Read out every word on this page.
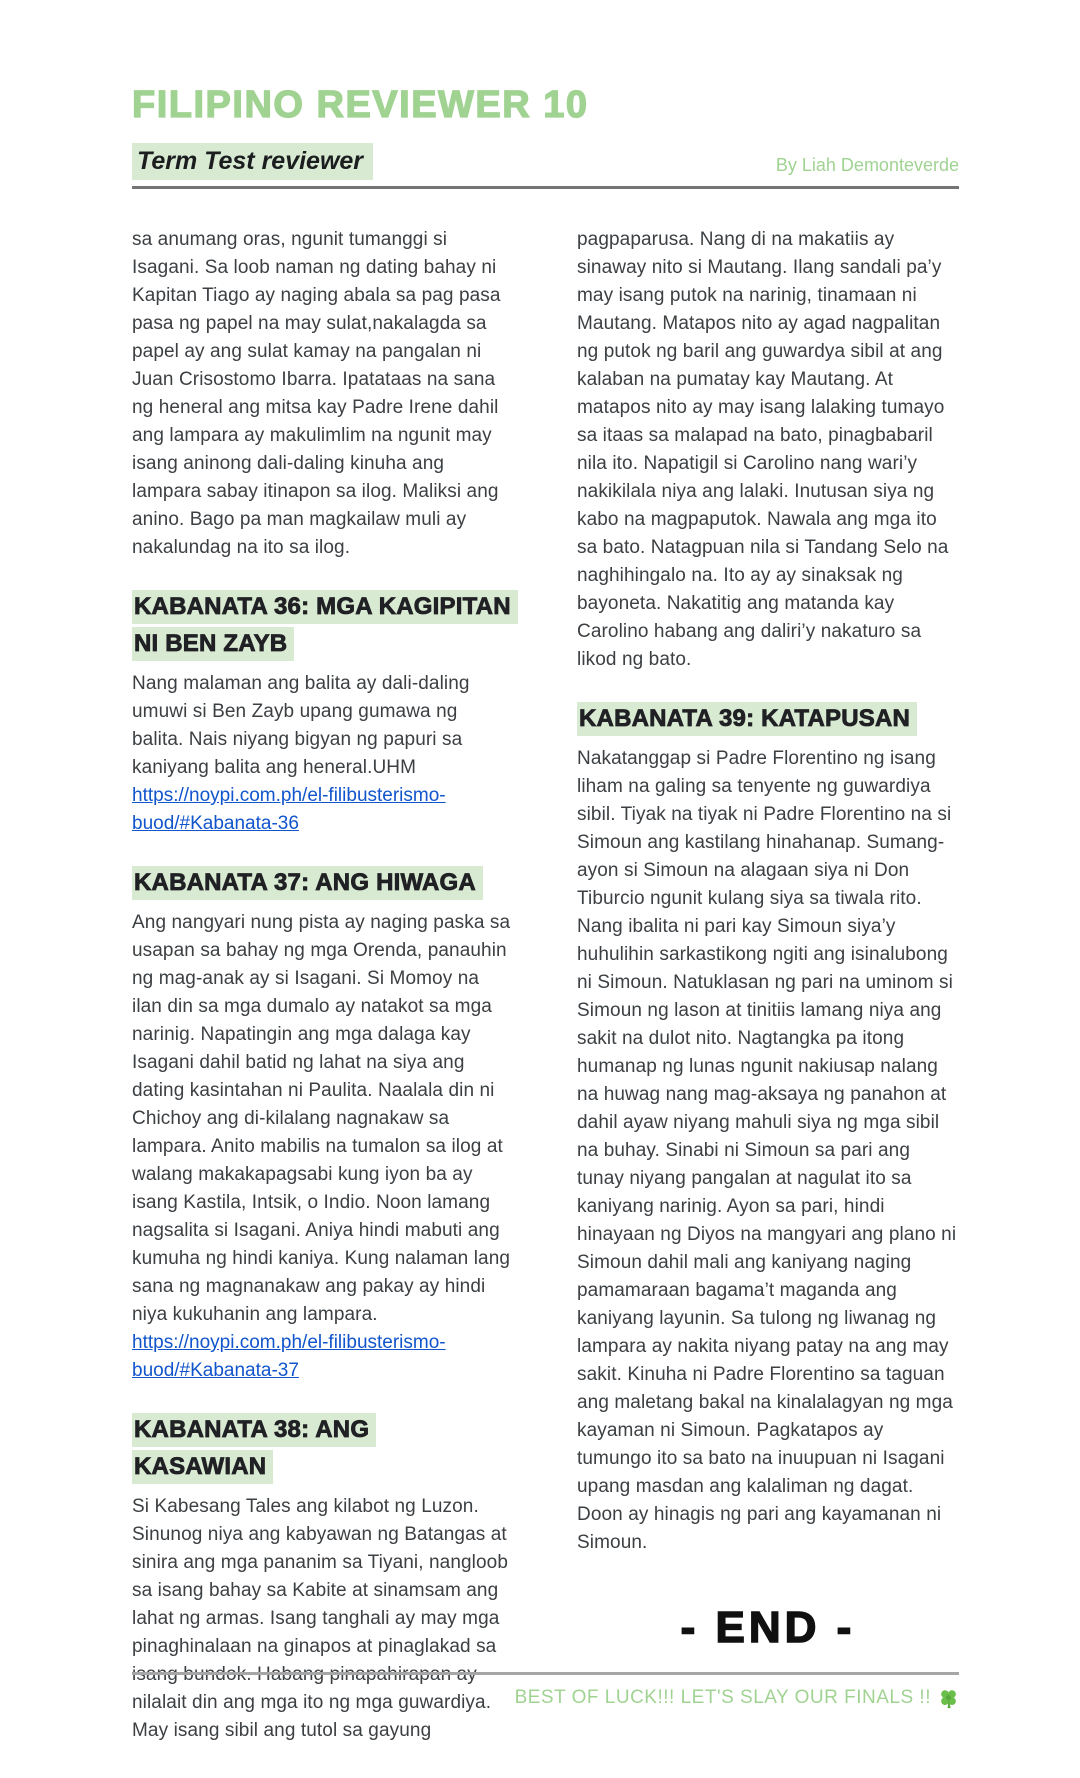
FILIPINO REVIEWER 10
Term Test reviewer	By Liah Demonteverde

sa anumang oras, ngunit tumanggi si Isagani. Sa loob naman ng dating bahay ni Kapitan Tiago ay naging abala sa pag pasa pasa ng papel na may sulat,nakalagda sa papel ay ang sulat kamay na pangalan ni Juan Crisostomo Ibarra. Ipatataas na sana ng heneral ang mitsa kay Padre Irene dahil ang lampara ay makulimlim na ngunit may isang aninong dali-daling kinuha ang lampara sabay itinapon sa ilog. Maliksi ang anino. Bago pa man magkailaw muli ay nakalundag na ito sa ilog.

KABANATA 36: MGA KAGIPITAN NI BEN ZAYB

Nang malaman ang balita ay dali-daling umuwi si Ben Zayb upang gumawa ng balita. Nais niyang bigyan ng papuri sa kaniyang balita ang heneral.UHM

https://noypi.com.ph/el-filibusterismo-buod/#Kabanata-36

KABANATA 37: ANG HIWAGA

Ang nangyari nung pista ay naging paska sa usapan sa bahay ng mga Orenda, panauhin ng mag-anak ay si Isagani. Si Momoy na ilan din sa mga dumalo ay natakot sa mga narinig. Napatingin ang mga dalaga kay Isagani dahil batid ng lahat na siya ang dating kasintahan ni Paulita. Naalala din ni Chichoy ang di-kilalang nagnakaw sa lampara. Anito mabilis na tumalon sa ilog at walang makakapagsabi kung iyon ba ay isang Kastila, Intsik, o Indio. Noon lamang nagsalita si Isagani. Aniya hindi mabuti ang kumuha ng hindi kaniya. Kung nalaman lang sana ng magnanakaw ang pakay ay hindi niya kukuhanin ang lampara.

https://noypi.com.ph/el-filibusterismo-buod/#Kabanata-37

KABANATA 38: ANG KASAWIAN

Si Kabesang Tales ang kilabot ng Luzon. Sinunog niya ang kabyawan ng Batangas at sinira ang mga pananim sa Tiyani, nangloob sa isang bahay sa Kabite at sinamsam ang lahat ng armas. Isang tanghali ay may mga pinaghinalaan na ginapos at pinaglakad sa isang bundok. Habang pinapahirapan ay nilalait din ang mga ito ng mga guwardiya. May isang sibil ang tutol sa gayung

pagpaparusa. Nang di na makatiis ay sinaway nito si Mautang. Ilang sandali pa’y may isang putok na narinig, tinamaan ni Mautang. Matapos nito ay agad nagpalitan ng putok ng baril ang guwardya sibil at ang kalaban na pumatay kay Mautang. At matapos nito ay may isang lalaking tumayo sa itaas sa malapad na bato, pinagbabaril nila ito. Napatigil si Carolino nang wari’y nakikilala niya ang lalaki. Inutusan siya ng kabo na magpaputok. Nawala ang mga ito sa bato. Natagpuan nila si Tandang Selo na naghihingalo na. Ito ay ay sinaksak ng bayoneta. Nakatitig ang matanda kay Carolino habang ang daliri’y nakaturo sa likod ng bato.

KABANATA 39: KATAPUSAN

Nakatanggap si Padre Florentino ng isang liham na galing sa tenyente ng guwardiya sibil. Tiyak na tiyak ni Padre Florentino na si Simoun ang kastilang hinahanap. Sumang-ayon si Simoun na alagaan siya ni Don Tiburcio ngunit kulang siya sa tiwala rito. Nang ibalita ni pari kay Simoun siya’y huhulihin sarkastikong ngiti ang isinalubong ni Simoun. Natuklasan ng pari na uminom si Simoun ng lason at tinitiis lamang niya ang sakit na dulot nito. Nagtangka pa itong humanap ng lunas ngunit nakiusap nalang na huwag nang mag-aksaya ng panahon at dahil ayaw niyang mahuli siya ng mga sibil na buhay. Sinabi ni Simoun sa pari ang tunay niyang pangalan at nagulat ito sa kaniyang narinig. Ayon sa pari, hindi hinayaan ng Diyos na mangyari ang plano ni Simoun dahil mali ang kaniyang naging pamamaraan bagama’t maganda ang kaniyang layunin. Sa tulong ng liwanag ng lampara ay nakita niyang patay na ang may sakit. Kinuha ni Padre Florentino sa taguan ang maletang bakal na kinalalagyan ng mga kayaman ni Simoun. Pagkatapos ay tumungo ito sa bato na inuupuan ni Isagani upang masdan ang kalaliman ng dagat. Doon ay hinagis ng pari ang kayamanan ni Simoun.

- END -
BEST OF LUCK!!! LET'S SLAY OUR FINALS !!
